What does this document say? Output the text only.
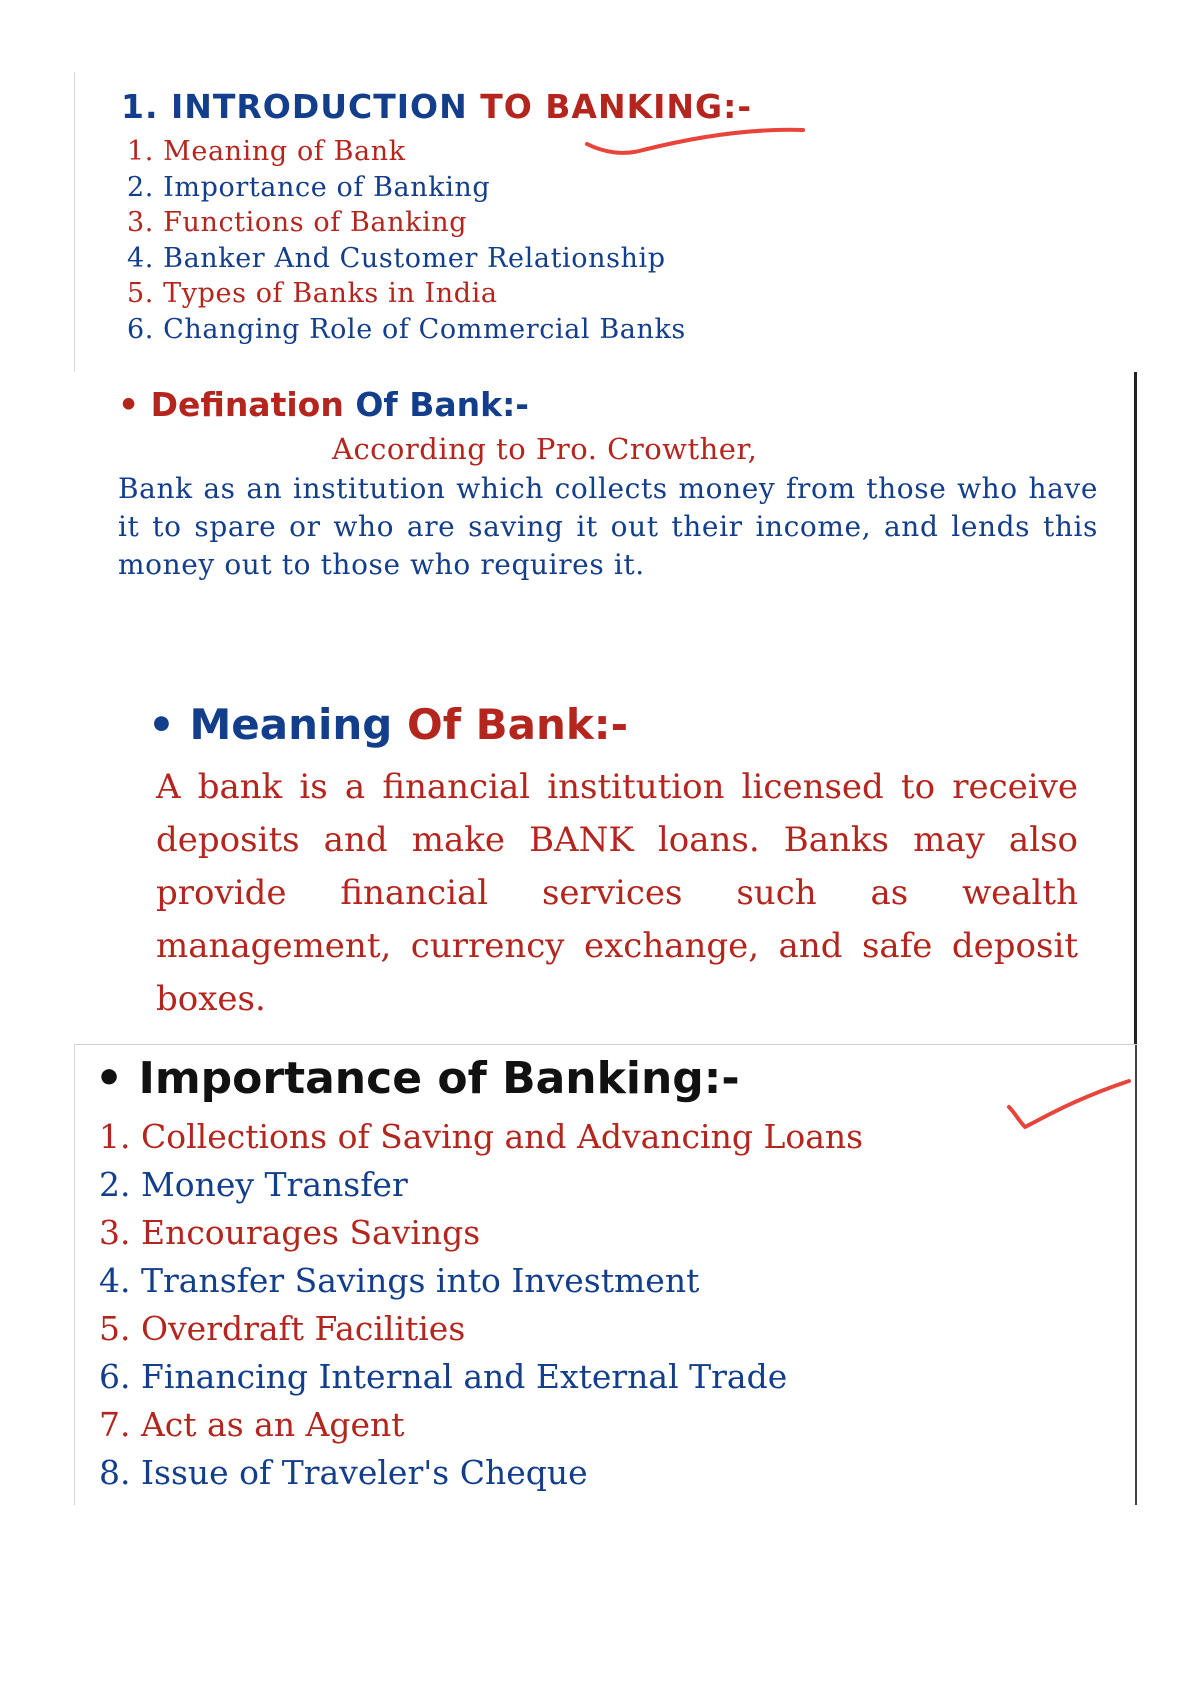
1. INTRODUCTION TO BANKING:-
1. Meaning of Bank
2. Importance of Banking
3. Functions of Banking
4. Banker And Customer Relationship
5. Types of Banks in India
6. Changing Role of Commercial Banks
• Defination Of Bank:-
According to Pro. Crowther,
Bank as an institution which collects money from those who have it to spare or who are saving it out their income, and lends this money out to those who requires it.
• Meaning Of Bank:-
A bank is a financial institution licensed to receive deposits and make BANK loans. Banks may also provide financial services such as wealth management, currency exchange, and safe deposit boxes.
• Importance of Banking:-
1. Collections of Saving and Advancing Loans
2. Money Transfer
3. Encourages Savings
4. Transfer Savings into Investment
5. Overdraft Facilities
6. Financing Internal and External Trade
7. Act as an Agent
8. Issue of Traveler's Cheque
